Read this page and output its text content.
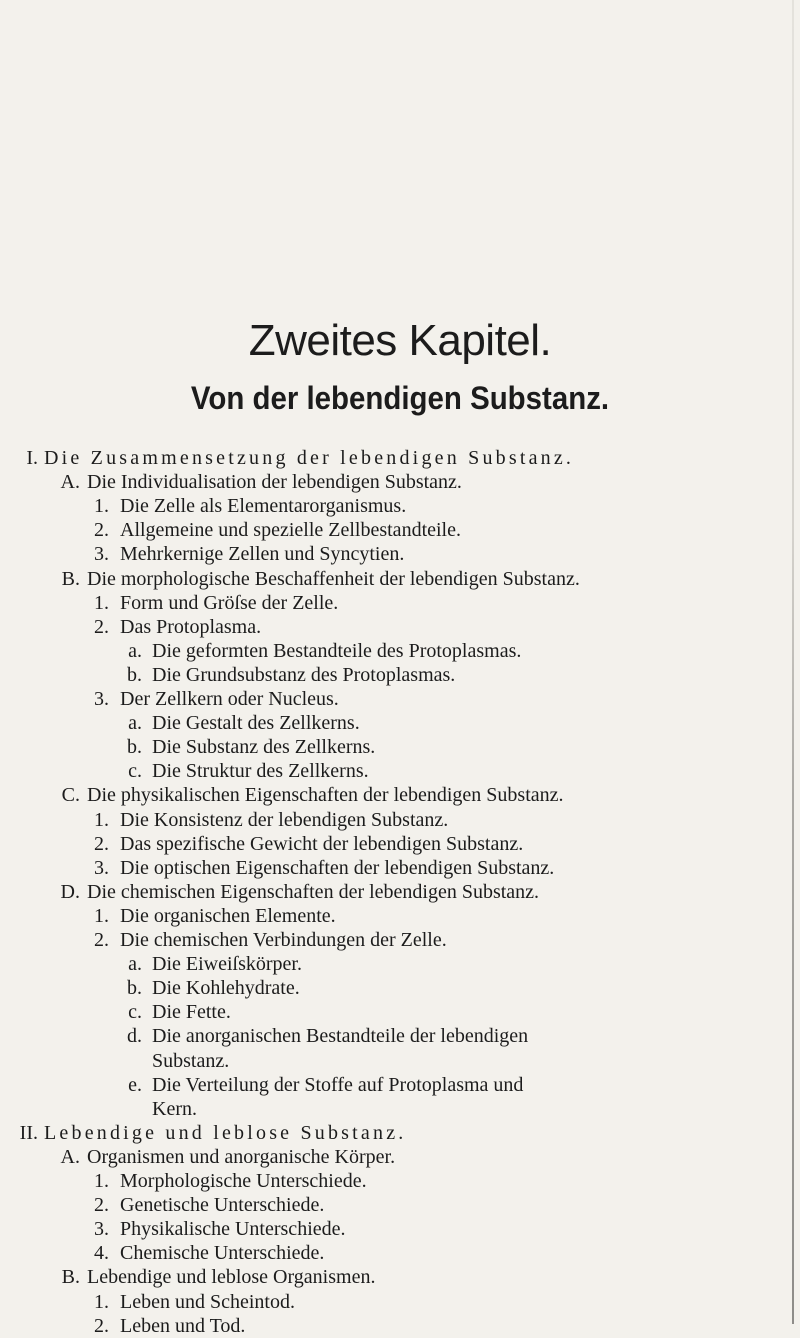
Zweites Kapitel.
Von der lebendigen Substanz.
I. Die Zusammensetzung der lebendigen Substanz.
A. Die Individualisation der lebendigen Substanz.
1. Die Zelle als Elementarorganismus.
2. Allgemeine und spezielle Zellbestandteile.
3. Mehrkernige Zellen und Syncytien.
B. Die morphologische Beschaffenheit der lebendigen Substanz.
1. Form und Gröſse der Zelle.
2. Das Protoplasma.
a. Die geformten Bestandteile des Protoplasmas.
b. Die Grundsubstanz des Protoplasmas.
3. Der Zellkern oder Nucleus.
a. Die Gestalt des Zellkerns.
b. Die Substanz des Zellkerns.
c. Die Struktur des Zellkerns.
C. Die physikalischen Eigenschaften der lebendigen Substanz.
1. Die Konsistenz der lebendigen Substanz.
2. Das spezifische Gewicht der lebendigen Substanz.
3. Die optischen Eigenschaften der lebendigen Substanz.
D. Die chemischen Eigenschaften der lebendigen Substanz.
1. Die organischen Elemente.
2. Die chemischen Verbindungen der Zelle.
a. Die Eiweiſskörper.
b. Die Kohlehydrate.
c. Die Fette.
d. Die anorganischen Bestandteile der lebendigen
Substanz.
e. Die Verteilung der Stoffe auf Protoplasma und
Kern.
II. Lebendige und leblose Substanz.
A. Organismen und anorganische Körper.
1. Morphologische Unterschiede.
2. Genetische Unterschiede.
3. Physikalische Unterschiede.
4. Chemische Unterschiede.
B. Lebendige und leblose Organismen.
1. Leben und Scheintod.
2. Leben und Tod.
